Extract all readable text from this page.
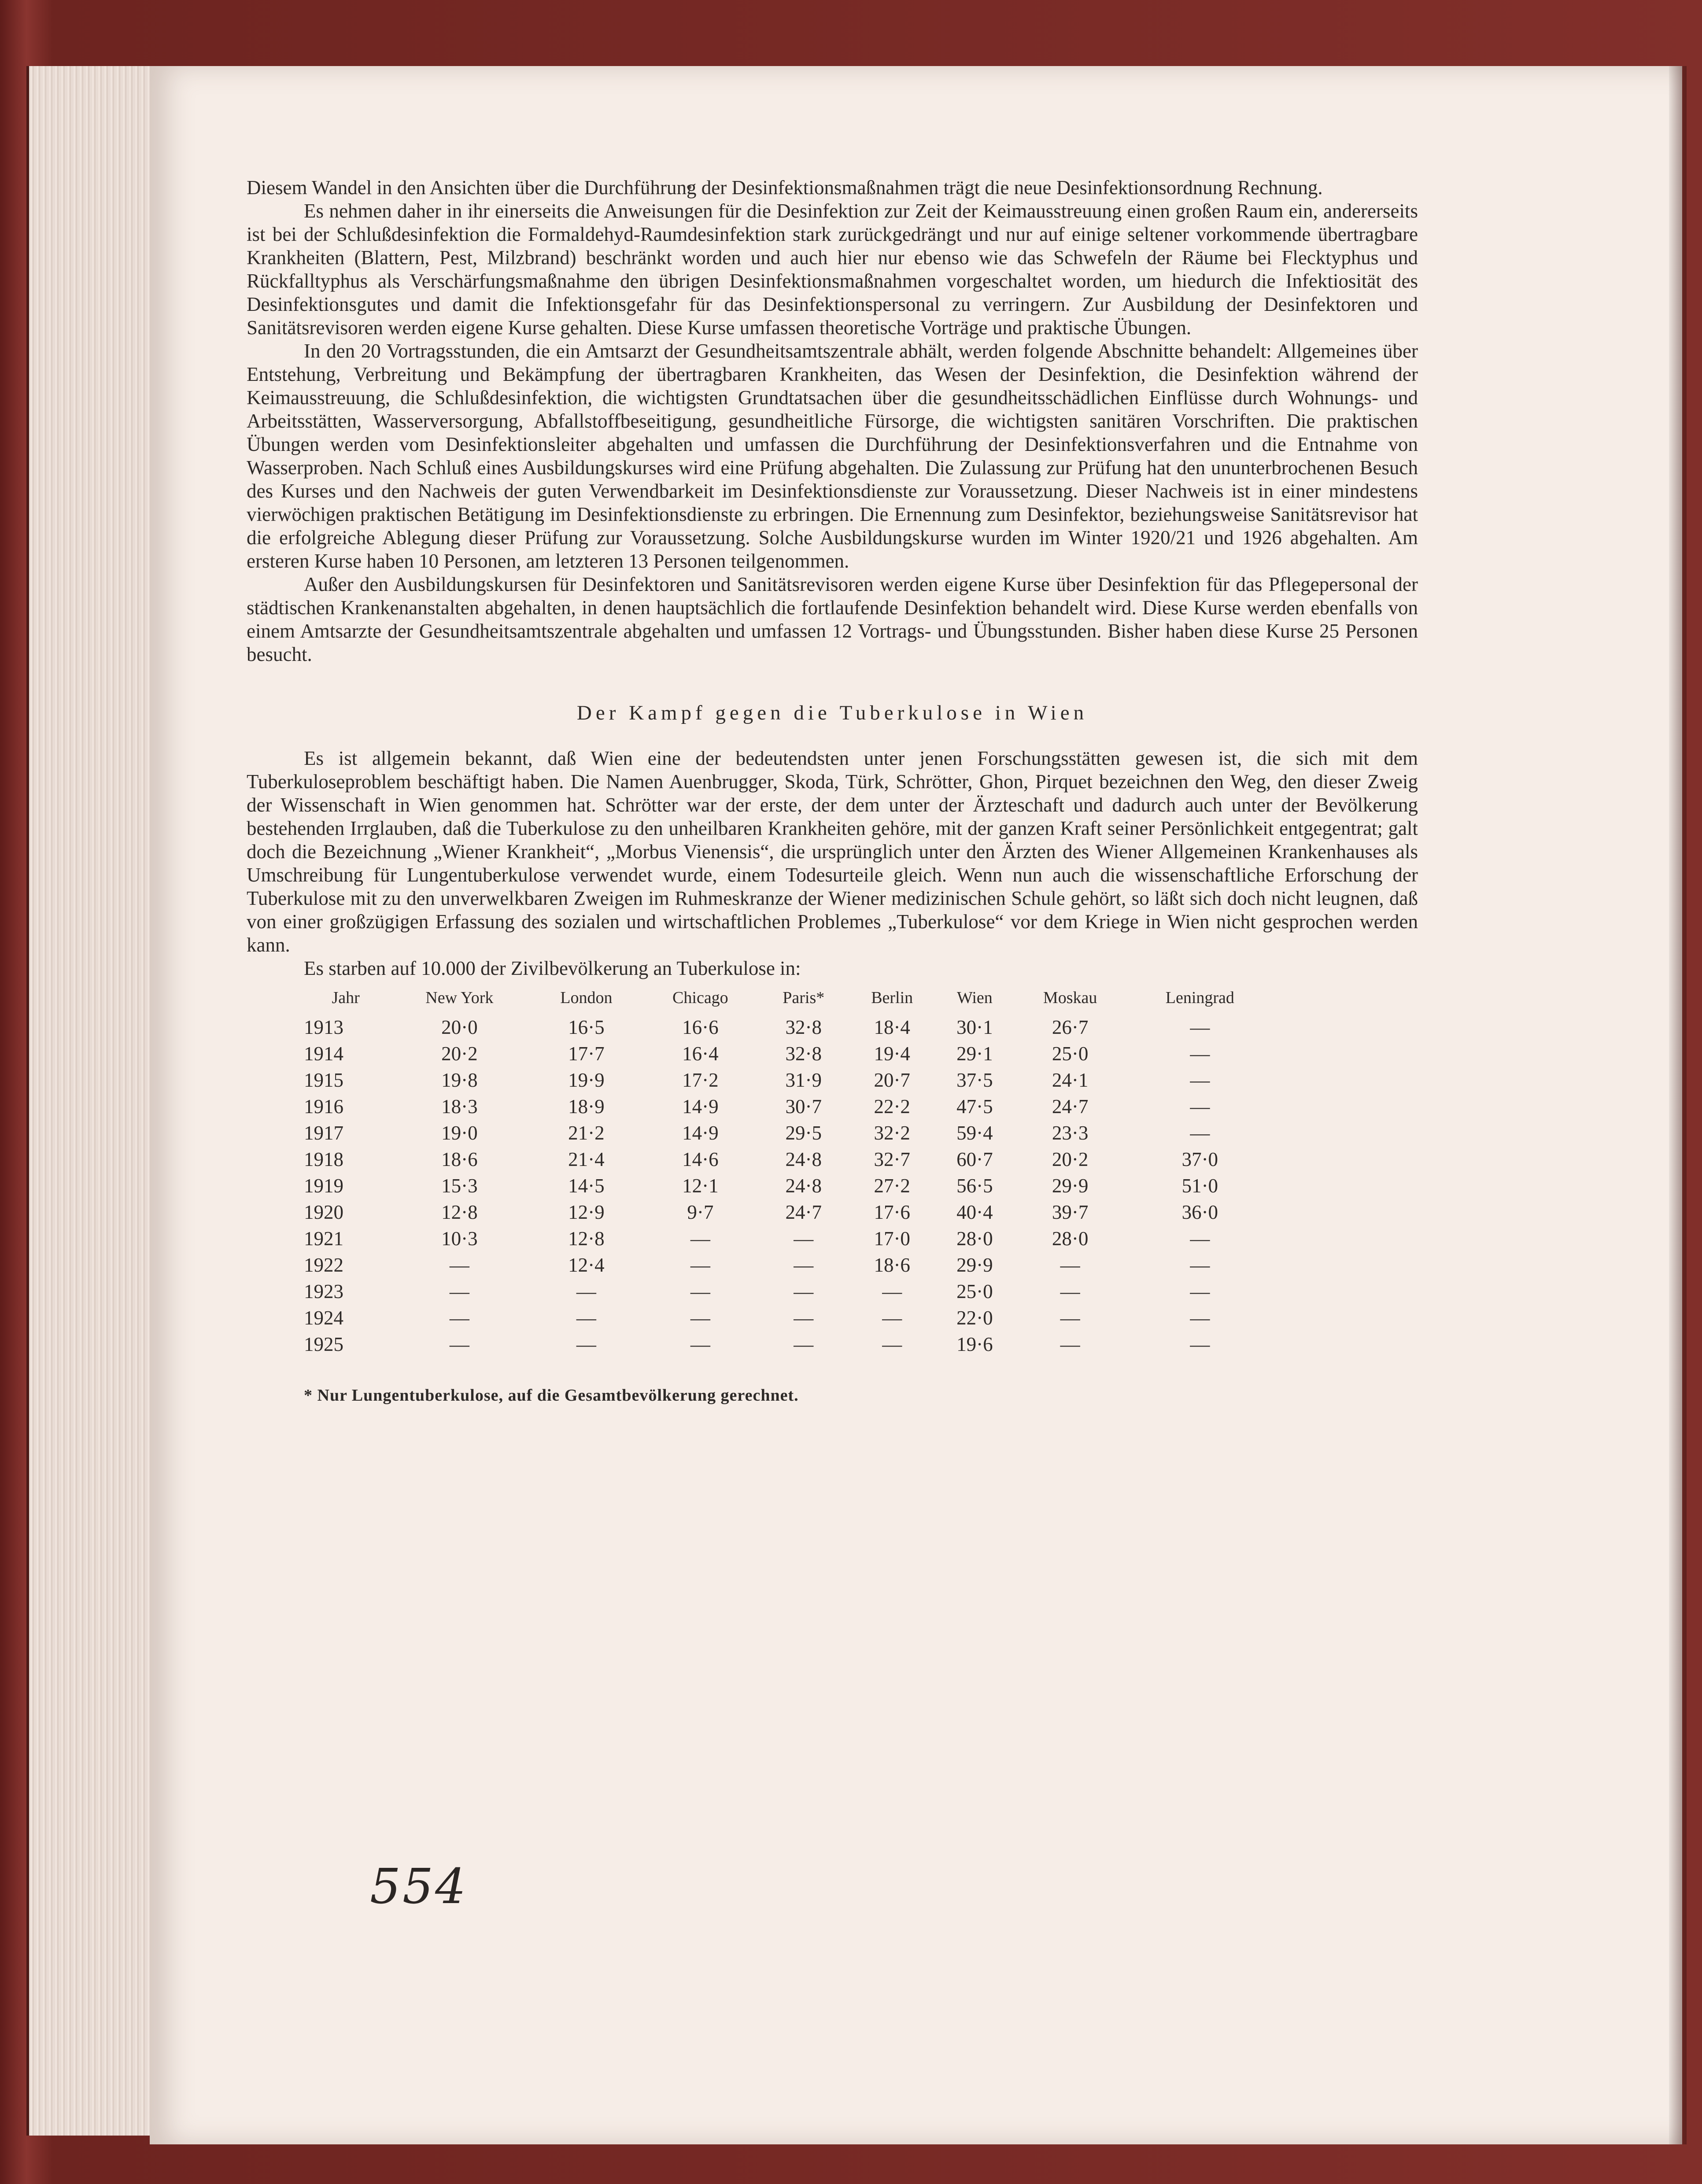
Diesem Wandel in den Ansichten über die Durchführung der Desinfektionsmaßnahmen trägt die neue Desinfektionsordnung Rechnung.

Es nehmen daher in ihr einerseits die Anweisungen für die Desinfektion zur Zeit der Keimausstreuung einen großen Raum ein, andererseits ist bei der Schlußdesinfektion die Formaldehyd-Raumdesinfektion stark zurückgedrängt und nur auf einige seltener vorkommende übertragbare Krankheiten (Blattern, Pest, Milzbrand) beschränkt worden und auch hier nur ebenso wie das Schwefeln der Räume bei Flecktyphus und Rückfalltyphus als Verschärfungsmaßnahme den übrigen Desinfektionsmaßnahmen vorgeschaltet worden, um hiedurch die Infektiosität des Desinfektionsgutes und damit die Infektionsgefahr für das Desinfektionspersonal zu verringern. Zur Ausbildung der Desinfektoren und Sanitätsrevisoren werden eigene Kurse gehalten. Diese Kurse umfassen theoretische Vorträge und praktische Übungen.

In den 20 Vortragsstunden, die ein Amtsarzt der Gesundheitsamtszentrale abhält, werden folgende Abschnitte behandelt: Allgemeines über Entstehung, Verbreitung und Bekämpfung der übertragbaren Krankheiten, das Wesen der Desinfektion, die Desinfektion während der Keimausstreuung, die Schlußdesinfektion, die wichtigsten Grundtatsachen über die gesundheitsschädlichen Einflüsse durch Wohnungs- und Arbeitsstätten, Wasserversorgung, Abfallstoffbeseitigung, gesundheitliche Fürsorge, die wichtigsten sanitären Vorschriften. Die praktischen Übungen werden vom Desinfektionsleiter abgehalten und umfassen die Durchführung der Desinfektionsverfahren und die Entnahme von Wasserproben. Nach Schluß eines Ausbildungskurses wird eine Prüfung abgehalten. Die Zulassung zur Prüfung hat den ununterbrochenen Besuch des Kurses und den Nachweis der guten Verwendbarkeit im Desinfektionsdienste zur Voraussetzung. Dieser Nachweis ist in einer mindestens vierwöchigen praktischen Betätigung im Desinfektionsdienste zu erbringen. Die Ernennung zum Desinfektor, beziehungsweise Sanitätsrevisor hat die erfolgreiche Ablegung dieser Prüfung zur Voraussetzung. Solche Ausbildungskurse wurden im Winter 1920/21 und 1926 abgehalten. Am ersteren Kurse haben 10 Personen, am letzteren 13 Personen teilgenommen.

Außer den Ausbildungskursen für Desinfektoren und Sanitätsrevisoren werden eigene Kurse über Desinfektion für das Pflegepersonal der städtischen Krankenanstalten abgehalten, in denen hauptsächlich die fortlaufende Desinfektion behandelt wird. Diese Kurse werden ebenfalls von einem Amtsarzte der Gesundheitsamtszentrale abgehalten und umfassen 12 Vortrags- und Übungsstunden. Bisher haben diese Kurse 25 Personen besucht.

Der Kampf gegen die Tuberkulose in Wien

Es ist allgemein bekannt, daß Wien eine der bedeutendsten unter jenen Forschungsstätten gewesen ist, die sich mit dem Tuberkuloseproblem beschäftigt haben. Die Namen Auenbrugger, Skoda, Türk, Schrötter, Ghon, Pirquet bezeichnen den Weg, den dieser Zweig der Wissenschaft in Wien genommen hat. Schrötter war der erste, der dem unter der Ärzteschaft und dadurch auch unter der Bevölkerung bestehenden Irrglauben, daß die Tuberkulose zu den unheilbaren Krankheiten gehöre, mit der ganzen Kraft seiner Persönlichkeit entgegentrat; galt doch die Bezeichnung „Wiener Krankheit“, „Morbus Vienensis“, die ursprünglich unter den Ärzten des Wiener Allgemeinen Krankenhauses als Umschreibung für Lungentuberkulose verwendet wurde, einem Todesurteile gleich. Wenn nun auch die wissenschaftliche Erforschung der Tuberkulose mit zu den unverwelkbaren Zweigen im Ruhmeskranze der Wiener medizinischen Schule gehört, so läßt sich doch nicht leugnen, daß von einer großzügigen Erfassung des sozialen und wirtschaftlichen Problemes „Tuberkulose“ vor dem Kriege in Wien nicht gesprochen werden kann.

Es starben auf 10.000 der Zivilbevölkerung an Tuberkulose in:

Jahr	New York	London	Chicago	Paris*	Berlin	Wien	Moskau	Leningrad
1913	20·0	16·5	16·6	32·8	18·4	30·1	26·7	—
1914	20·2	17·7	16·4	32·8	19·4	29·1	25·0	—
1915	19·8	19·9	17·2	31·9	20·7	37·5	24·1	—
1916	18·3	18·9	14·9	30·7	22·2	47·5	24·7	—
1917	19·0	21·2	14·9	29·5	32·2	59·4	23·3	—
1918	18·6	21·4	14·6	24·8	32·7	60·7	20·2	37·0
1919	15·3	14·5	12·1	24·8	27·2	56·5	29·9	51·0
1920	12·8	12·9	9·7	24·7	17·6	40·4	39·7	36·0
1921	10·3	12·8	—	—	17·0	28·0	28·0	—
1922	—	12·4	—	—	18·6	29·9	—	—
1923	—	—	—	—	—	25·0	—	—
1924	—	—	—	—	—	22·0	—	—
1925	—	—	—	—	—	19·6	—	—
* Nur Lungentuberkulose, auf die Gesamtbevölkerung gerechnet.
554
